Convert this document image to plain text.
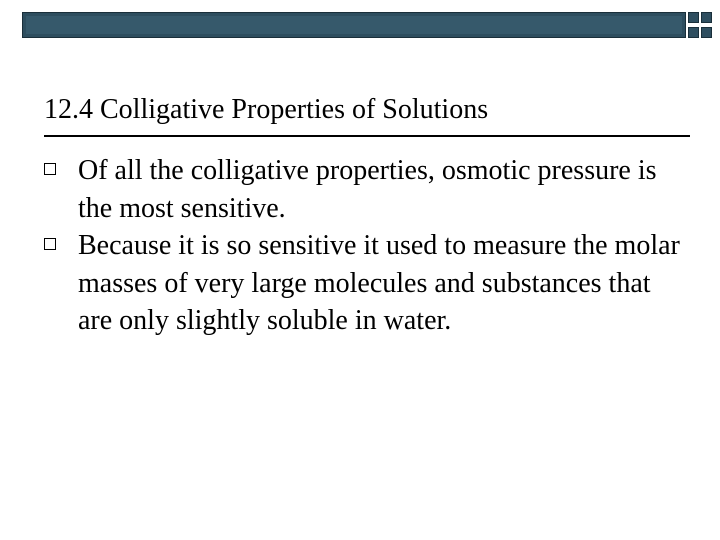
12.4 Colligative Properties of Solutions
Of all the colligative properties, osmotic pressure is the most sensitive.
Because it is so sensitive it used to measure the molar masses of very large molecules and substances that are only slightly soluble in water.
